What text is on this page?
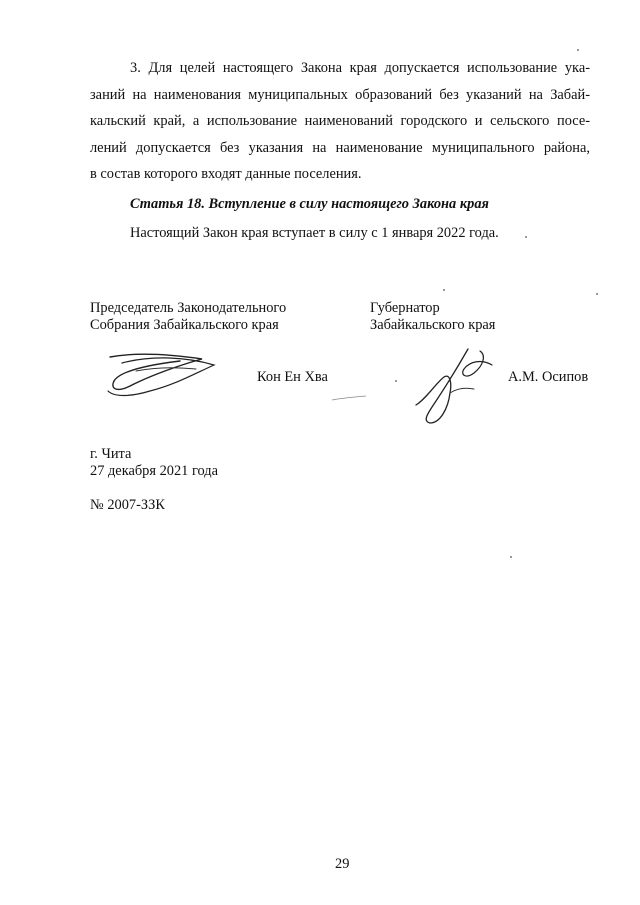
3. Для целей настоящего Закона края допускается использование ука-
заний на наименования муниципальных образований без указаний на Забай-
кальский край, а использование наименований городского и сельского посе-
лений допускается без указания на наименование муниципального района,
в состав которого входят данные поселения.

Статья 18. Вступление в силу настоящего Закона края

Настоящий Закон края вступает в силу с 1 января 2022 года.

Председатель Законодательного

Собрания Забайкальского края

Кон Ен Хва

Губернатор

Забайкальского края

А.М. Осипов

г. Чита

27 декабря 2021 года

№ 2007-ЗЗК

29
